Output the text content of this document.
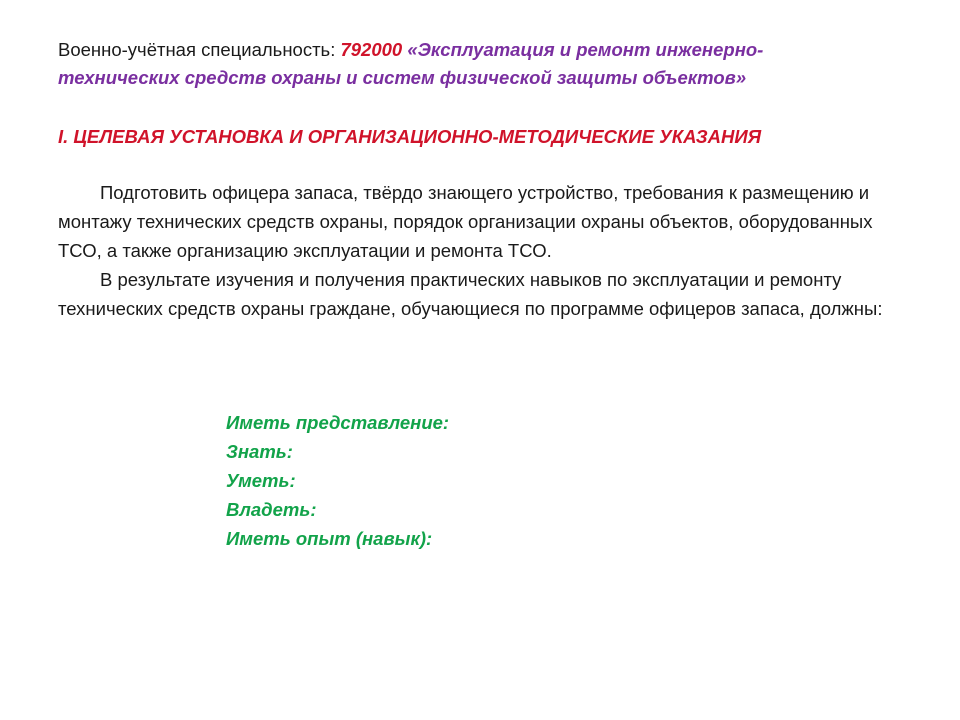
Военно-учётная специальность: 792000 «Эксплуатация и ремонт инженерно-
технических средств охраны и систем физической защиты объектов»
I. ЦЕЛЕВАЯ УСТАНОВКА И ОРГАНИЗАЦИОННО-МЕТОДИЧЕСКИЕ УКАЗАНИЯ

Подготовить офицера запаса, твёрдо знающего устройство, требования к размещению и монтажу технических средств охраны, порядок организации охраны объектов, оборудованных ТСО, а также организацию эксплуатации и ремонта ТСО.

В результате изучения и получения практических навыков по эксплуатации и ремонту технических средств охраны граждане, обучающиеся по программе офицеров запаса, должны:

Иметь представление:
Знать:
Уметь:
Владеть:
Иметь опыт (навык):
